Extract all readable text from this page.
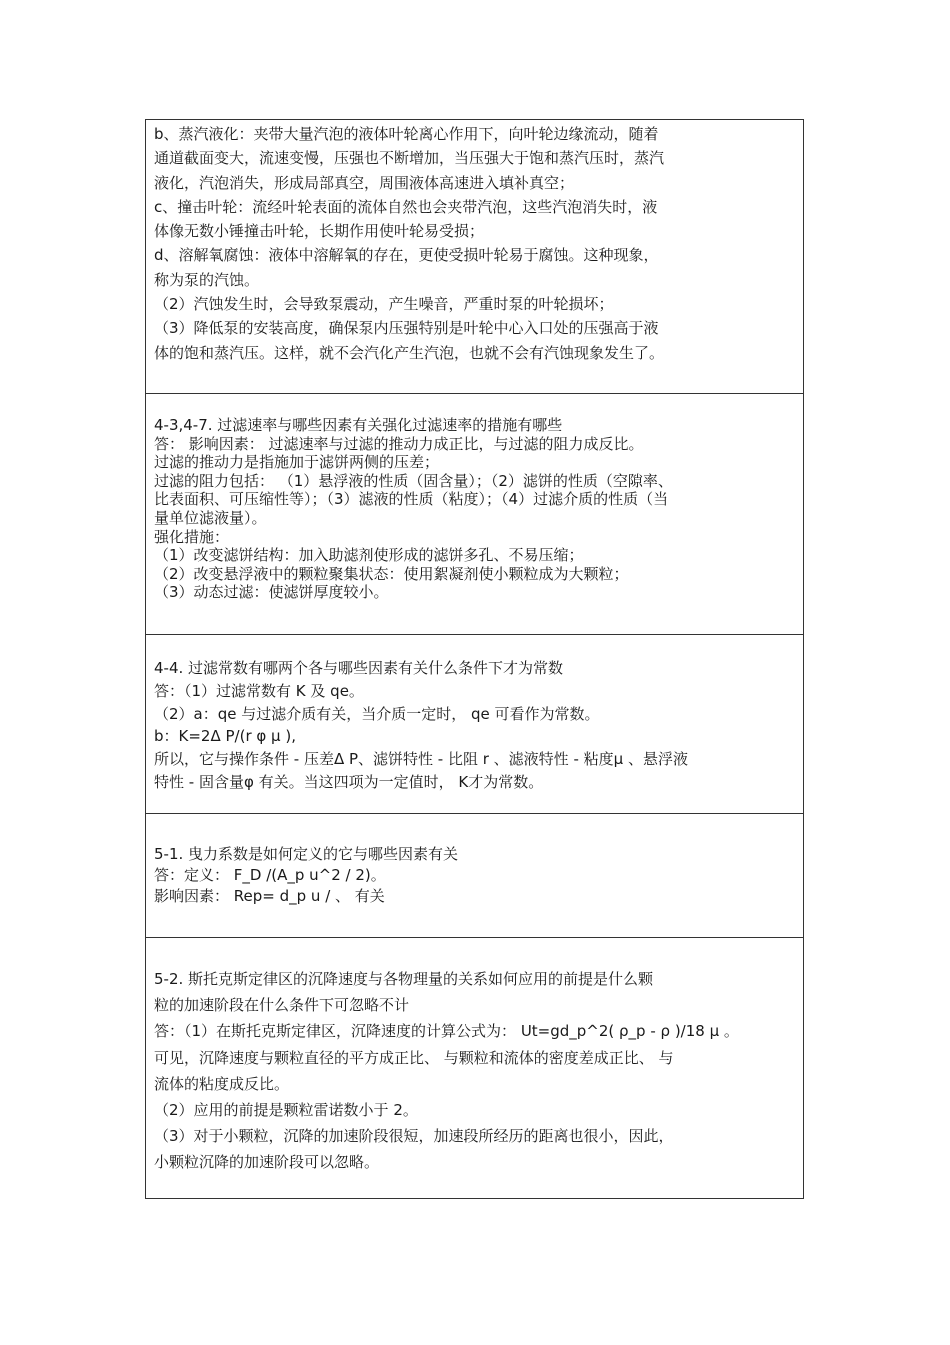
b、蒸汽液化：夹带大量汽泡的液体叶轮离心作用下，向叶轮边缘流动，随着
通道截面变大，流速变慢，压强也不断增加，当压强大于饱和蒸汽压时，蒸汽
液化，汽泡消失，形成局部真空，周围液体高速进入填补真空；
c、撞击叶轮：流经叶轮表面的流体自然也会夹带汽泡，这些汽泡消失时，液
体像无数小锤撞击叶轮，长期作用使叶轮易受损；
d、溶解氧腐蚀：液体中溶解氧的存在，更使受损叶轮易于腐蚀。这种现象，
称为泵的汽蚀。
（2）汽蚀发生时，会导致泵震动，产生噪音，严重时泵的叶轮损坏；
（3）降低泵的安装高度，确保泵内压强特别是叶轮中心入口处的压强高于液
体的饱和蒸汽压。这样，就不会汽化产生汽泡，也就不会有汽蚀现象发生了。
4-3,4-7. 过滤速率与哪些因素有关强化过滤速率的措施有哪些
答： 影响因素： 过滤速率与过滤的推动力成正比，与过滤的阻力成反比。
过滤的推动力是指施加于滤饼两侧的压差；
过滤的阻力包括： （1）悬浮液的性质（固含量）；（2）滤饼的性质（空隙率、
比表面积、可压缩性等）；（3）滤液的性质（粘度）；（4）过滤介质的性质（当
量单位滤液量）。
强化措施：
（1）改变滤饼结构：加入助滤剂使形成的滤饼多孔、不易压缩；
（2）改变悬浮液中的颗粒聚集状态：使用絮凝剂使小颗粒成为大颗粒；
（3）动态过滤：使滤饼厚度较小。
4-4. 过滤常数有哪两个各与哪些因素有关什么条件下才为常数
答：（1）过滤常数有 K 及 qe。
（2）a：qe 与过滤介质有关，当介质一定时， qe 可看作为常数。
b：K=2Δ P/(r φ μ ),
所以，它与操作条件 - 压差Δ P、滤饼特性 - 比阻 r 、滤液特性 - 粘度μ 、悬浮液
特性 - 固含量φ 有关。当这四项为一定值时， K才为常数。
5-1. 曳力系数是如何定义的它与哪些因素有关
答：定义： F_D /(A_p u^2 / 2)。
影响因素： Rep= d_p u / 、 有关
5-2. 斯托克斯定律区的沉降速度与各物理量的关系如何应用的前提是什么颗
粒的加速阶段在什么条件下可忽略不计
答：（1）在斯托克斯定律区，沉降速度的计算公式为： Ut=gd_p^2( ρ_p - ρ )/18 μ 。
可见，沉降速度与颗粒直径的平方成正比、 与颗粒和流体的密度差成正比、 与
流体的粘度成反比。
（2）应用的前提是颗粒雷诺数小于 2。
（3）对于小颗粒，沉降的加速阶段很短，加速段所经历的距离也很小，因此，
小颗粒沉降的加速阶段可以忽略。
